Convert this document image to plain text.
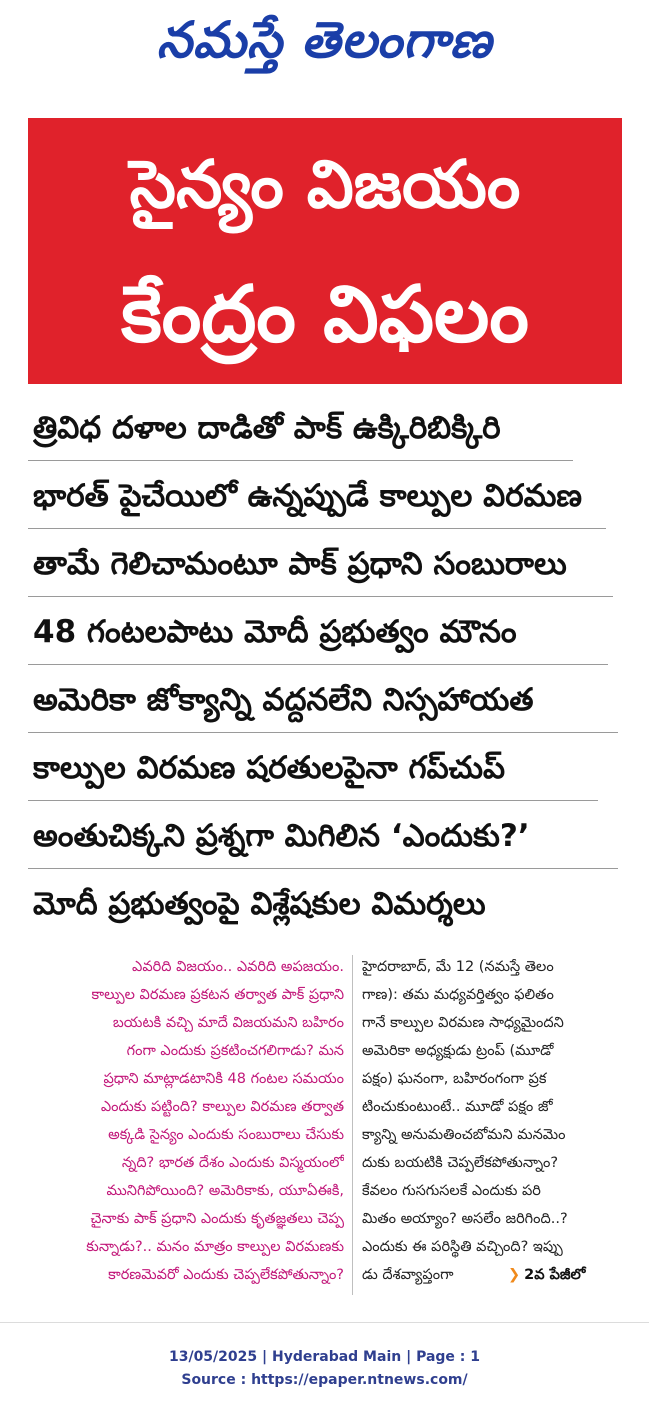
నమస్తే తెలంగాణ
సైన్యం విజయం
కేంద్రం విఫలం
త్రివిధ దళాల దాడితో పాక్ ఉక్కిరిబిక్కిరి
భారత్ పైచేయిలో ఉన్నప్పుడే కాల్పుల విరమణ
తామే గెలిచామంటూ పాక్ ప్రధాని సంబురాలు
48 గంటలపాటు మోదీ ప్రభుత్వం మౌనం
అమెరికా జోక్యాన్ని వద్దనలేని నిస్సహాయత
కాల్పుల విరమణ షరతులపైనా గప్‌చుప్
అంతుచిక్కని ప్రశ్నగా మిగిలిన ‘ఎందుకు?’
మోదీ ప్రభుత్వంపై విశ్లేషకుల విమర్శలు
ఎవరిది విజయం.. ఎవరిది అపజయం.
కాల్పుల విరమణ ప్రకటన తర్వాత పాక్ ప్రధాని
బయటకి వచ్చి మాదే విజయమని బహిరం
గంగా ఎందుకు ప్రకటించగలిగాడు? మన
ప్రధాని మాట్లాడటానికి 48 గంటల సమయం
ఎందుకు పట్టింది? కాల్పుల విరమణ తర్వాత
అక్కడి సైన్యం ఎందుకు సంబురాలు చేసుకు
న్నది? భారత దేశం ఎందుకు విస్మయంలో
మునిగిపోయింది? అమెరికాకు, యూఏఈకి,
చైనాకు పాక్ ప్రధాని ఎందుకు కృతజ్ఞతలు చెప్ప
కున్నాడు?.. మనం మాత్రం కాల్పుల విరమణకు
కారణమెవరో ఎందుకు చెప్పలేకపోతున్నాం?
హైదరాబాద్, మే 12 (నమస్తే తెలం
గాణ): తమ మధ్యవర్తిత్వం ఫలితం
గానే కాల్పుల విరమణ సాధ్యమైందని
అమెరికా అధ్యక్షుడు ట్రంప్ (మూడో
పక్షం) ఘనంగా, బహిరంగంగా ప్రక
టించుకుంటుంటే.. మూడో పక్షం జో
క్యాన్ని అనుమతించబోమని మనమెం
దుకు బయటికి చెప్పలేకపోతున్నాం?
కేవలం గుసగుసలకే ఎందుకు పరి
మితం అయ్యాం? అసలేం జరిగింది..?
ఎందుకు ఈ పరిస్థితి వచ్చింది? ఇప్పు
డు దేశవ్యాప్తంగా	❯ 2వ పేజీలో
13/05/2025 | Hyderabad Main | Page : 1
Source : https://epaper.ntnews.com/
